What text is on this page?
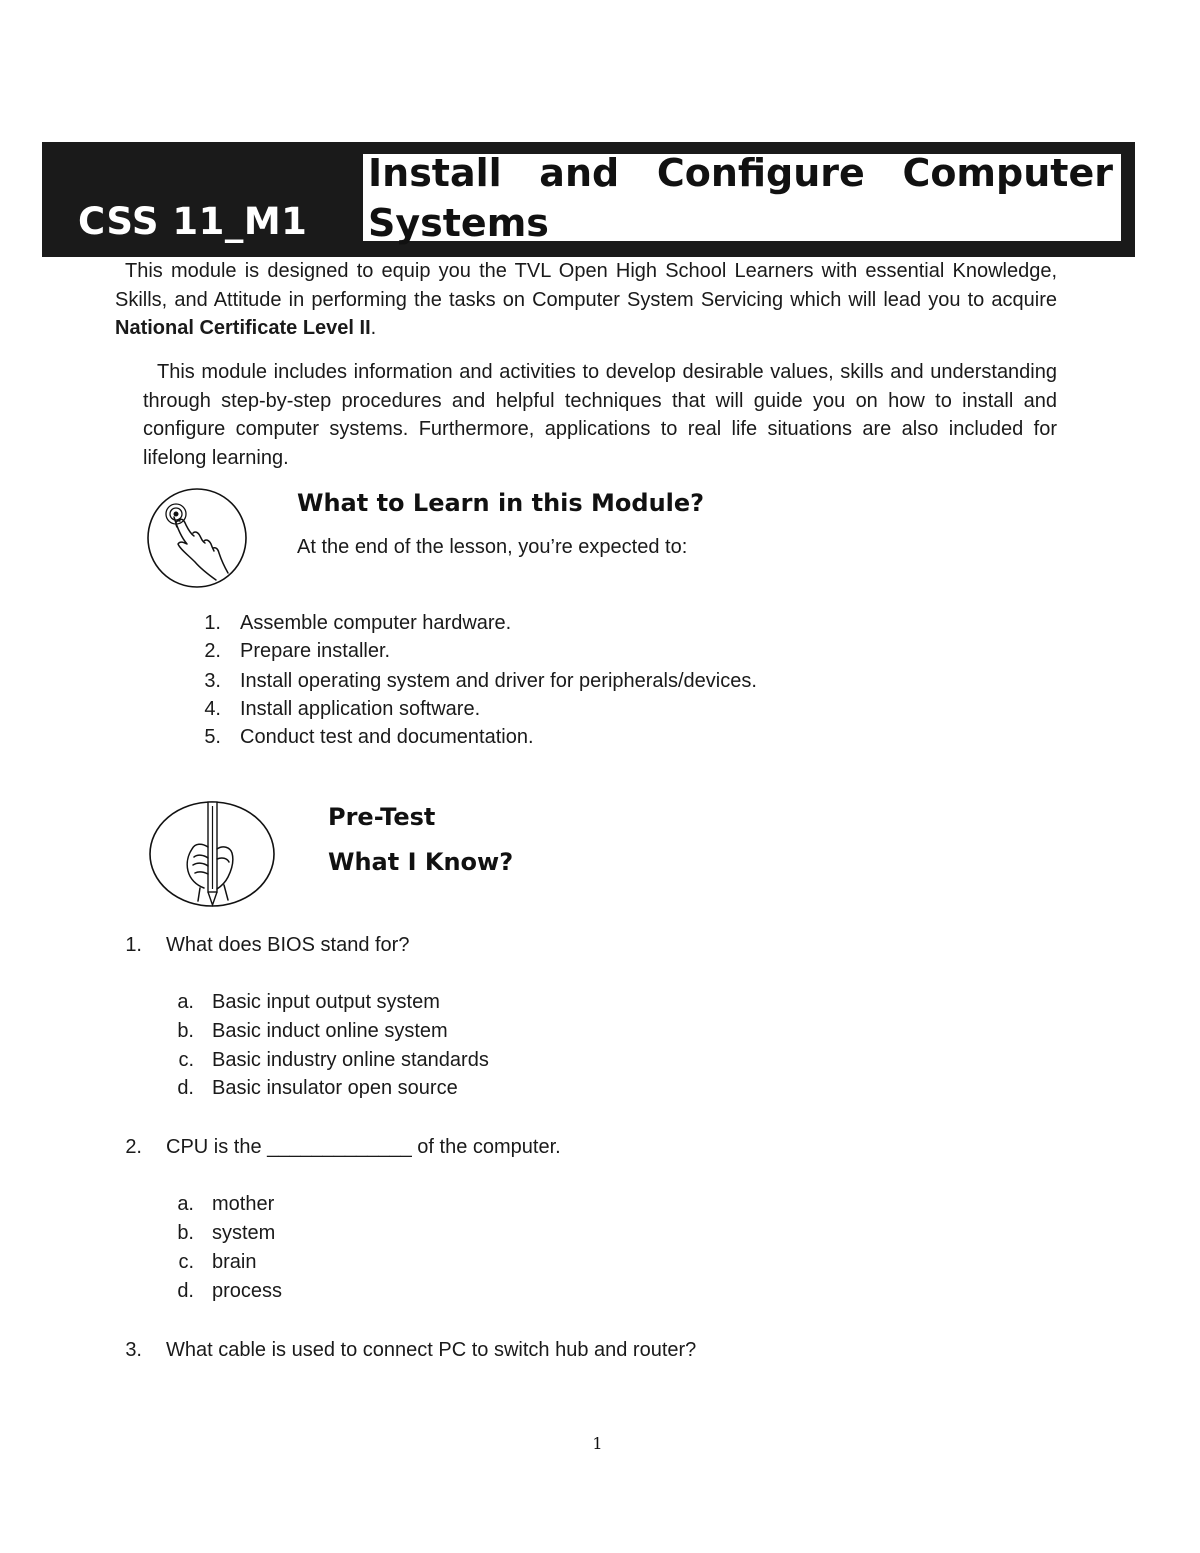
CSS 11_M1
Install and Configure Computer
Systems
This module is designed to equip you the TVL Open High School Learners with essential Knowledge, Skills, and Attitude in performing the tasks on Computer System Servicing which will lead you to acquire National Certificate Level II.
This module includes information and activities to develop desirable values, skills and understanding through step-by-step procedures and helpful techniques that will guide you on how to install and configure computer systems. Furthermore, applications to real life situations are also included for lifelong learning.
What to Learn in this Module?
At the end of the lesson, you’re expected to:
1. Assemble computer hardware.
2. Prepare installer.
3. Install operating system and driver for peripherals/devices.
4. Install application software.
5. Conduct test and documentation.
Pre-Test
What I Know?
1. What does BIOS stand for?
a. Basic input output system
b. Basic induct online system
c. Basic industry online standards
d. Basic insulator open source
2. CPU is the _____________ of the computer.
a. mother
b. system
c. brain
d. process
3. What cable is used to connect PC to switch hub and router?
1
